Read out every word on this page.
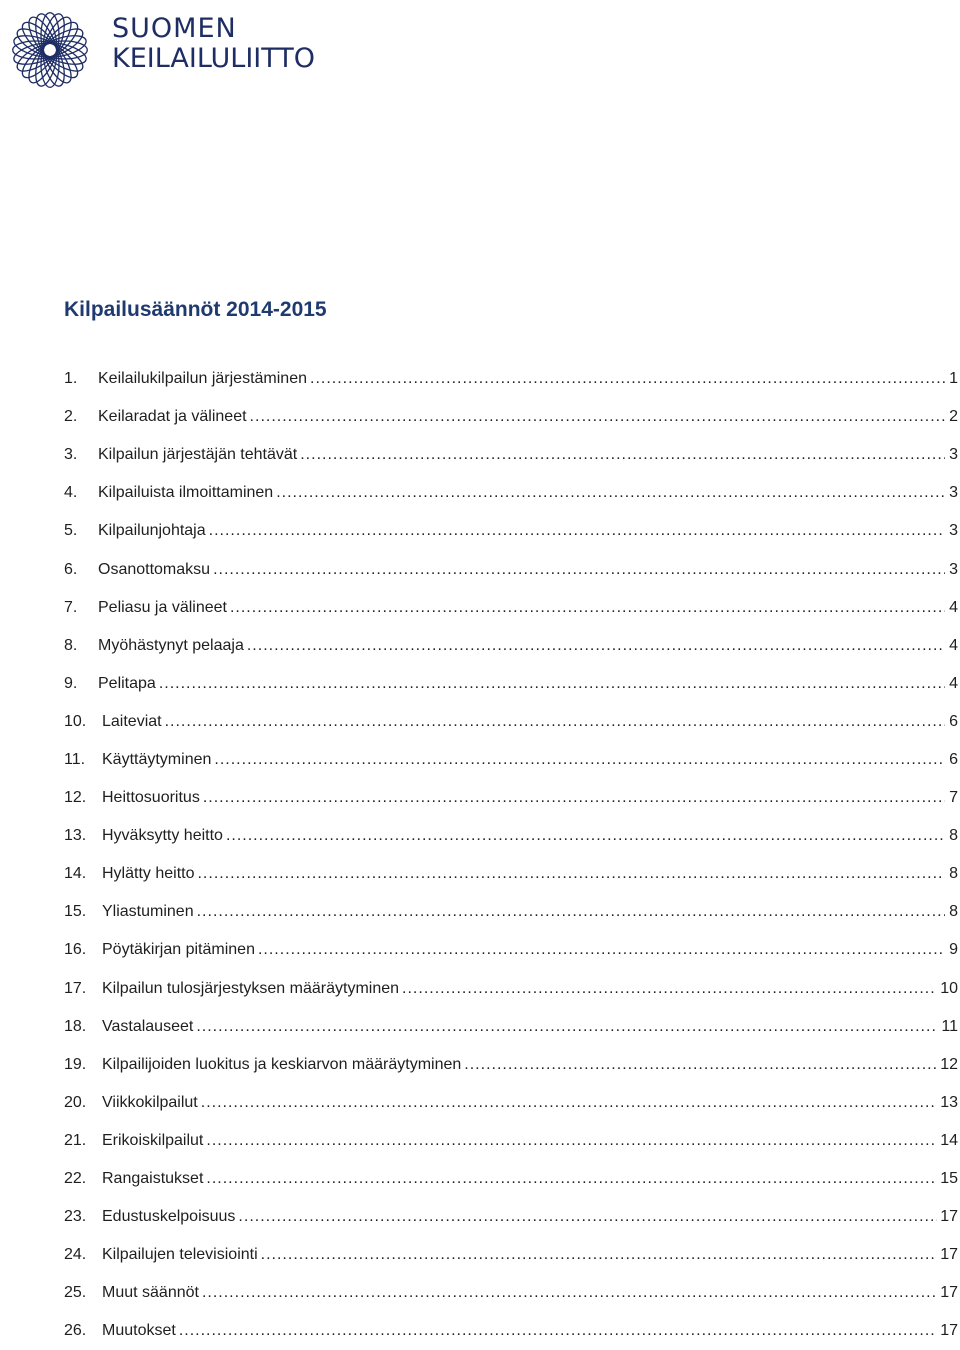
SUOMEN
KEILAILULIITTO
Kilpailusäännöt 2014-2015
1.	Keilailukilpailun järjestäminen .....	1
2.	Keilaradat ja välineet .....	2
3.	Kilpailun järjestäjän tehtävät .....	3
4.	Kilpailuista ilmoittaminen .....	3
5.	Kilpailunjohtaja .....	3
6.	Osanottomaksu .....	3
7.	Peliasu ja välineet .....	4
8.	Myöhästynyt pelaaja .....	4
9.	Pelitapa .....	4
10. Laiteviat .....	6
11.	Käyttäytyminen .....	6
12. Heittosuoritus .....	7
13. Hyväksytty heitto .....	8
14. Hylätty heitto .....	8
15. Yliastuminen .....	8
16. Pöytäkirjan pitäminen .....	9
17. Kilpailun tulosjärjestyksen määräytyminen .....	10
18. Vastalauseet .....	11
19. Kilpailijoiden luokitus ja keskiarvon määräytyminen .....	12
20. Viikkokilpailut .....	13
21. Erikoiskilpailut .....	14
22. Rangaistukset .....	15
23. Edustuskelpoisuus .....	17
24. Kilpailujen televisiointi .....	17
25. Muut säännöt .....	17
26. Muutokset .....	17
